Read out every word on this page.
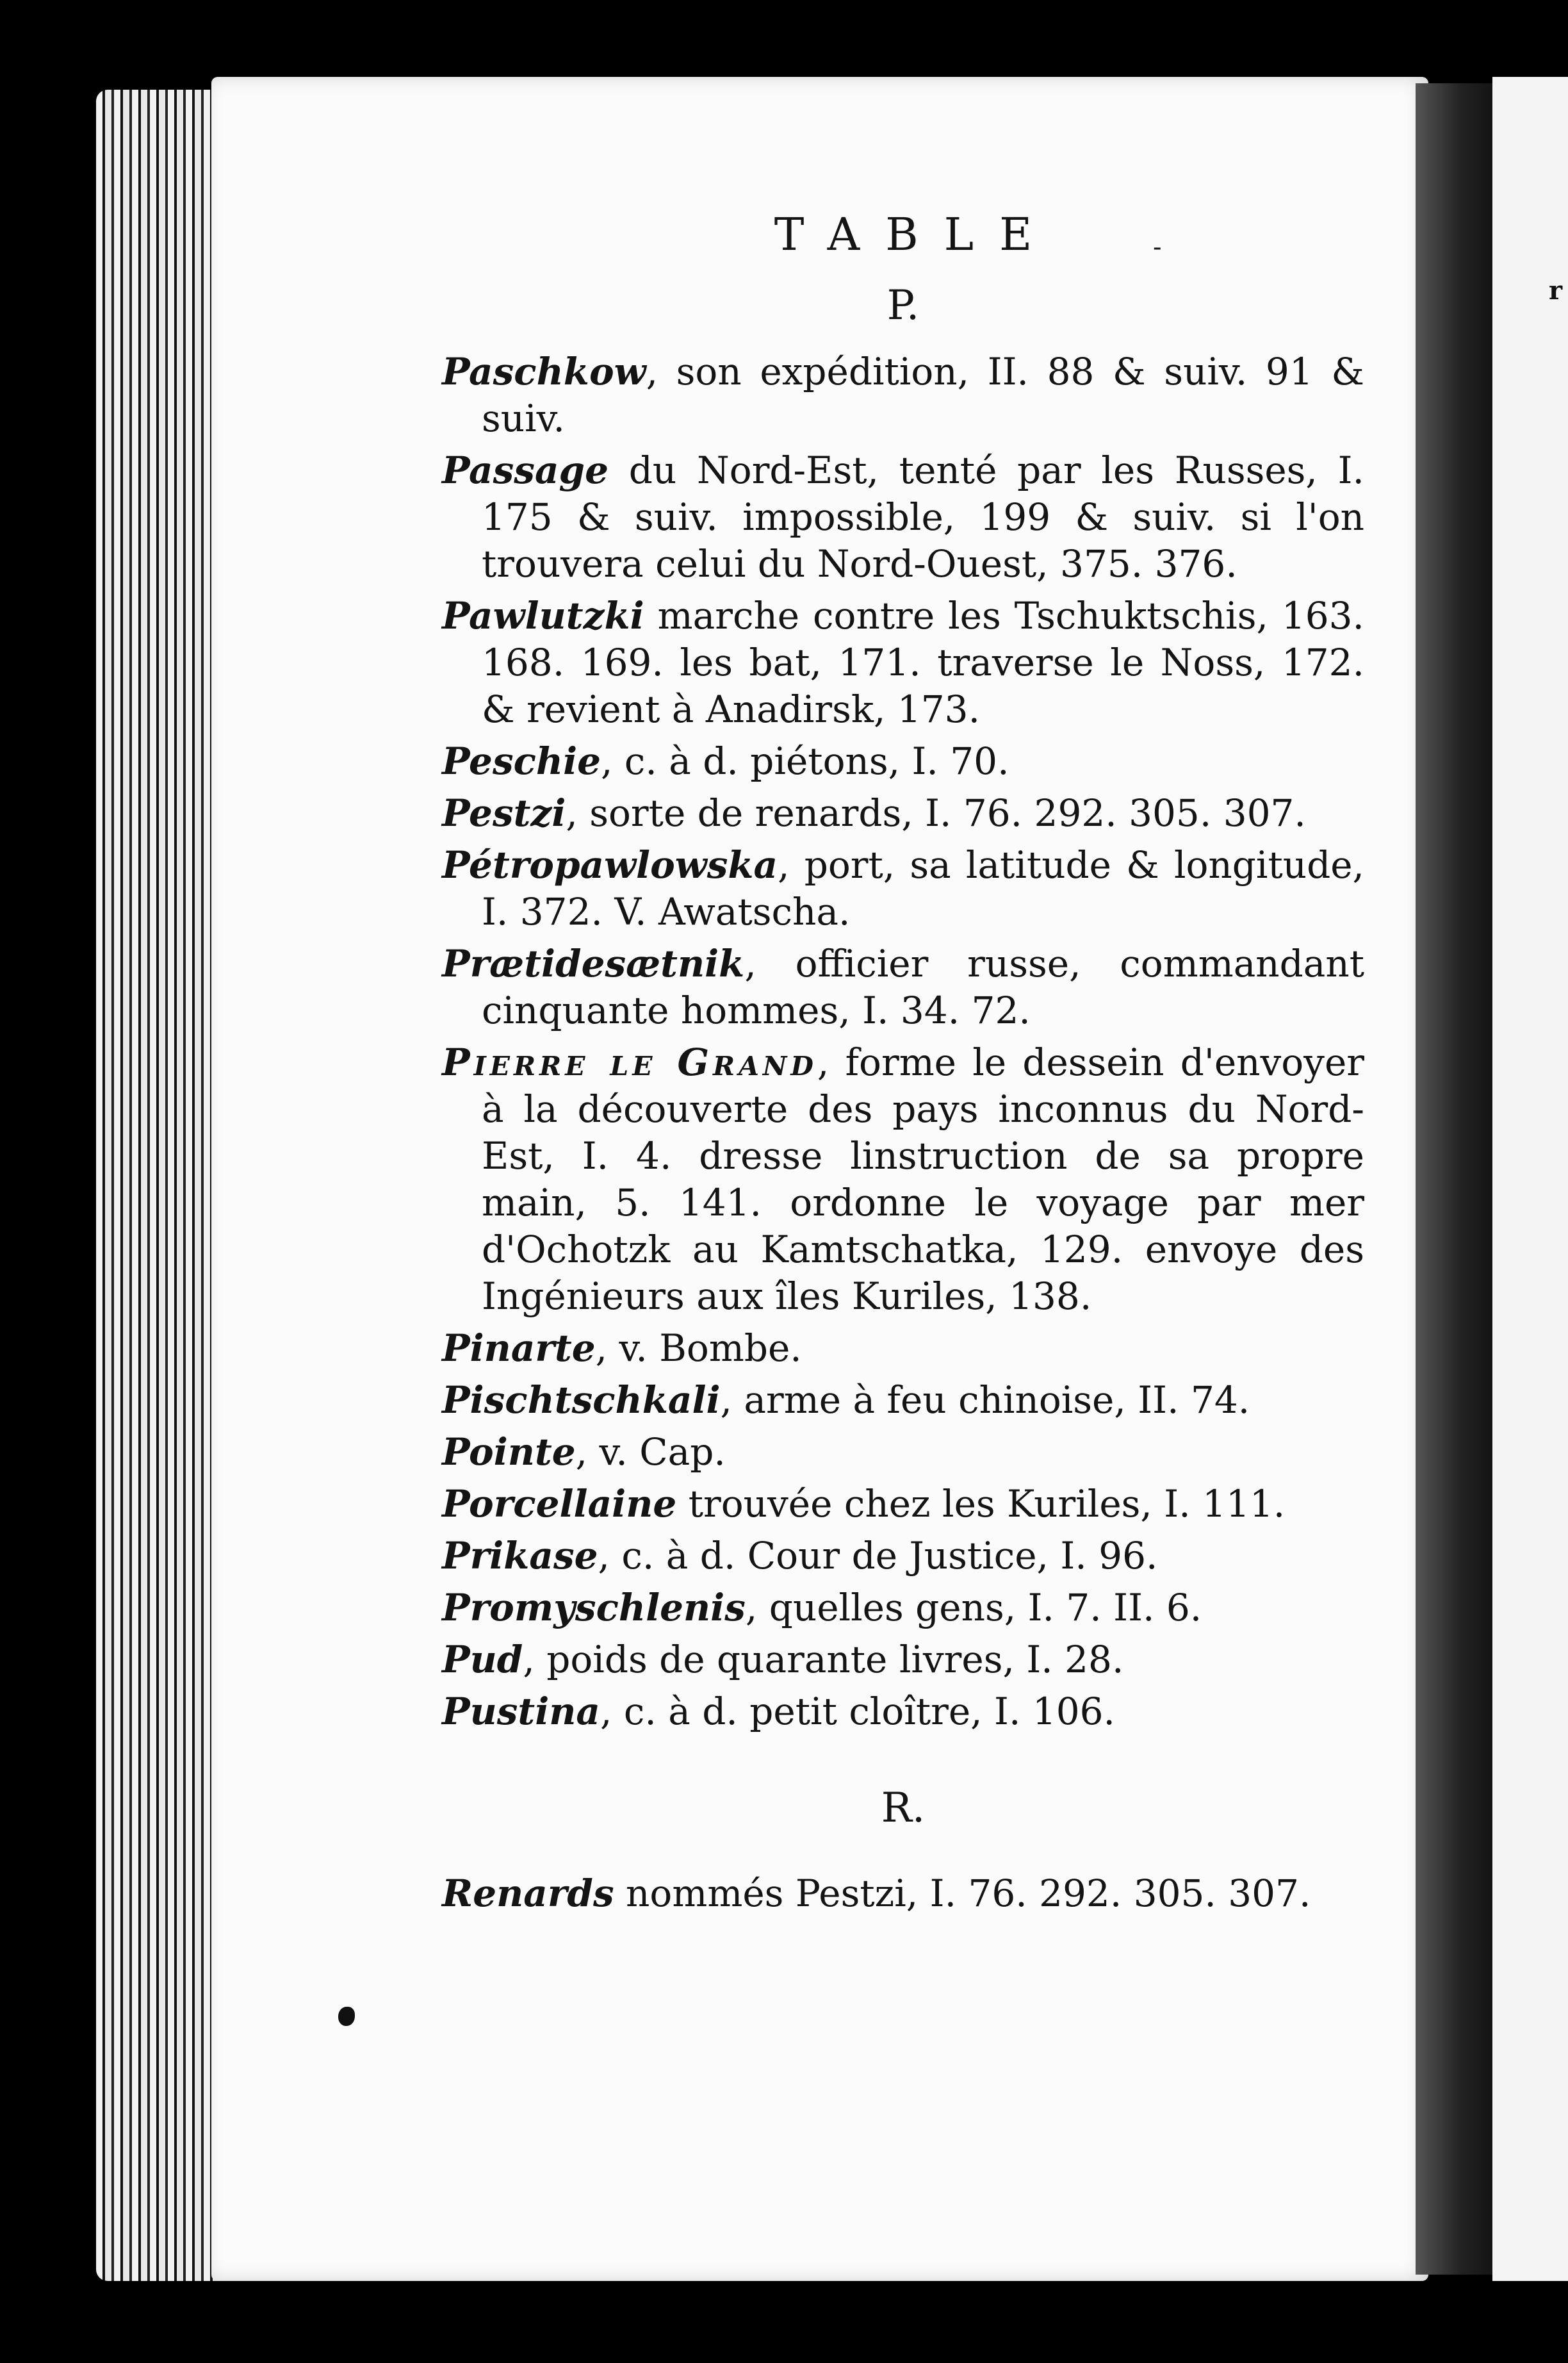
r
TABLE	-
P.
Paschkow, son expédition, II. 88 & suiv. 91 & suiv.
Passage du Nord-Est, tenté par les Russes, I. 175 & suiv. impossible, 199 & suiv. si l'on trouvera celui du Nord-Ouest, 375. 376.
Pawlutzki marche contre les Tschuktschis, 163. 168. 169. les bat, 171. traverse le Noss, 172. & revient à Anadirsk, 173.
Peschie, c. à d. piétons, I. 70.
Pestzi, sorte de renards, I. 76. 292. 305. 307.
Pétropawlowska, port, sa latitude & longitude, I. 372. V. Awatscha.
Prætidesætnik, officier russe, commandant cinquante hommes, I. 34. 72.
Pierre le Grand, forme le dessein d'envoyer à la découverte des pays inconnus du Nord-Est, I. 4. dresse linstruction de sa propre main, 5. 141. ordonne le voyage par mer d'Ochotzk au Kamtschatka, 129. envoye des Ingénieurs aux îles Kuriles, 138.
Pinarte, v. Bombe.
Pischtschkali, arme à feu chinoise, II. 74.
Pointe, v. Cap.
Porcellaine trouvée chez les Kuriles, I. 111.
Prikase, c. à d. Cour de Justice, I. 96.
Promyschlenis, quelles gens, I. 7. II. 6.
Pud, poids de quarante livres, I. 28.
Pustina, c. à d. petit cloître, I. 106.
R.
Renards nommés Pestzi, I. 76. 292. 305. 307.
